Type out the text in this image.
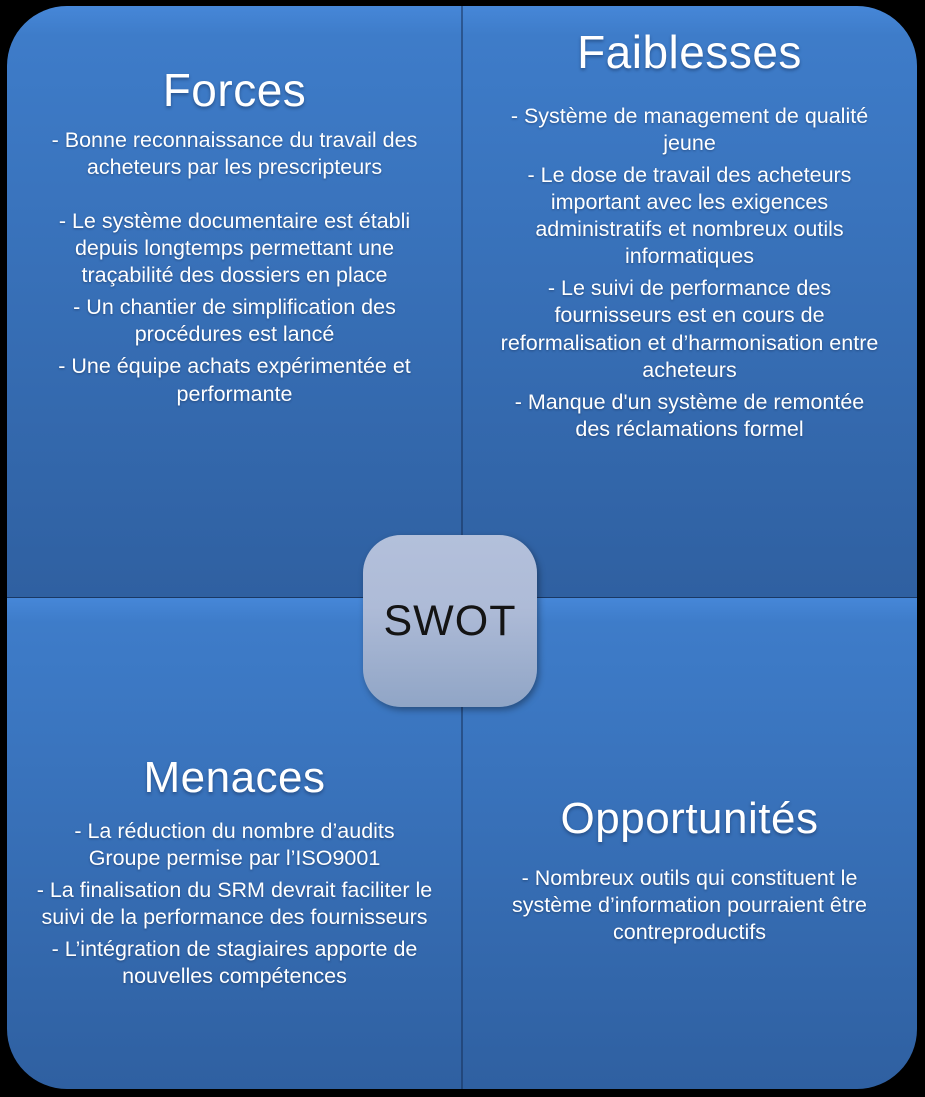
Forces

- Bonne reconnaissance du travail des acheteurs par les prescripteurs

- Le système documentaire est établi depuis longtemps permettant une traçabilité des dossiers en place

- Un chantier de simplification des procédures est lancé

- Une équipe achats expérimentée et performante

Faiblesses

- Système de management de qualité jeune

- Le dose de travail des acheteurs important avec les exigences administratifs et nombreux outils informatiques

- Le suivi de performance des fournisseurs est en cours de reformalisation et d’harmonisation entre acheteurs

- Manque d'un système de remontée des réclamations formel

Menaces

- La réduction du nombre d’audits Groupe permise par l’ISO9001

- La finalisation du SRM devrait faciliter le suivi de la performance des fournisseurs

- L’intégration de stagiaires apporte de nouvelles compétences

Opportunités

- Nombreux outils qui constituent le système d’information pourraient être contreproductifs

SWOT
